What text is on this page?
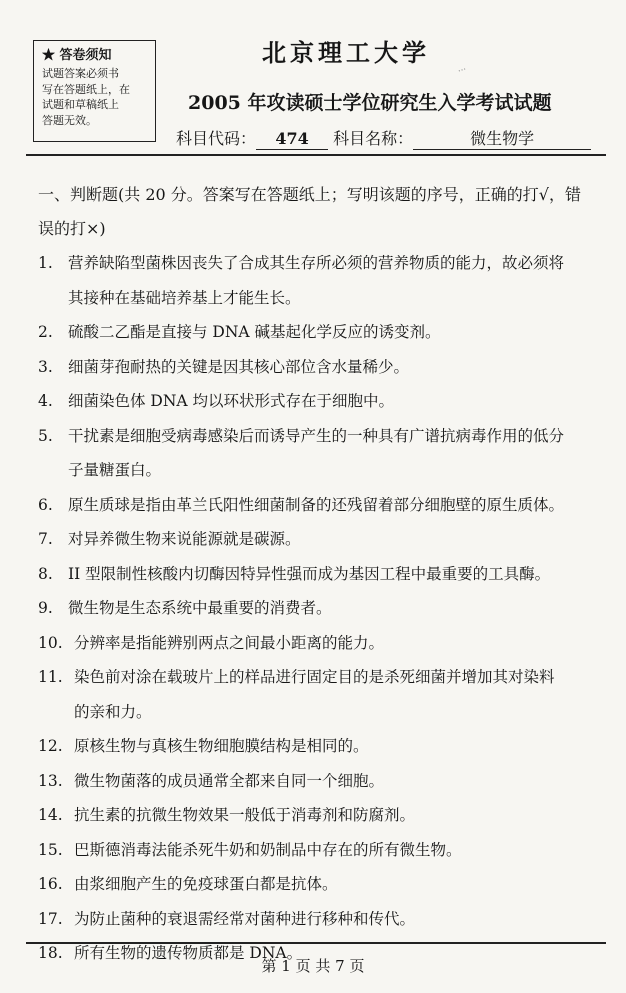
★ 答卷须知
试题答案必须书
写在答题纸上，在
试题和草稿纸上
答题无效。
北京理工大学
...
2005 年攻读硕士学位研究生入学考试试题
科目代码： 474 科目名称：	微生物学
一、判断题(共 20 分。答案写在答题纸上；写明该题的序号，正确的打√，错
误的打×)
1. 营养缺陷型菌株因丧失了合成其生存所必须的营养物质的能力，故必须将
其接种在基础培养基上才能生长。
2. 硫酸二乙酯是直接与 DNA 碱基起化学反应的诱变剂。
3. 细菌芽孢耐热的关键是因其核心部位含水量稀少。
4. 细菌染色体 DNA 均以环状形式存在于细胞中。
5. 干扰素是细胞受病毒感染后而诱导产生的一种具有广谱抗病毒作用的低分
子量糖蛋白。
6. 原生质球是指由革兰氏阳性细菌制备的还残留着部分细胞壁的原生质体。
7. 对异养微生物来说能源就是碳源。
8. II 型限制性核酸内切酶因特异性强而成为基因工程中最重要的工具酶。
9. 微生物是生态系统中最重要的消费者。
10. 分辨率是指能辨别两点之间最小距离的能力。
11. 染色前对涂在载玻片上的样品进行固定目的是杀死细菌并增加其对染料
的亲和力。
12. 原核生物与真核生物细胞膜结构是相同的。
13. 微生物菌落的成员通常全都来自同一个细胞。
14. 抗生素的抗微生物效果一般低于消毒剂和防腐剂。
15. 巴斯德消毒法能杀死牛奶和奶制品中存在的所有微生物。
16. 由浆细胞产生的免疫球蛋白都是抗体。
17. 为防止菌种的衰退需经常对菌种进行移种和传代。
18. 所有生物的遗传物质都是 DNA。
第 1 页 共 7 页
